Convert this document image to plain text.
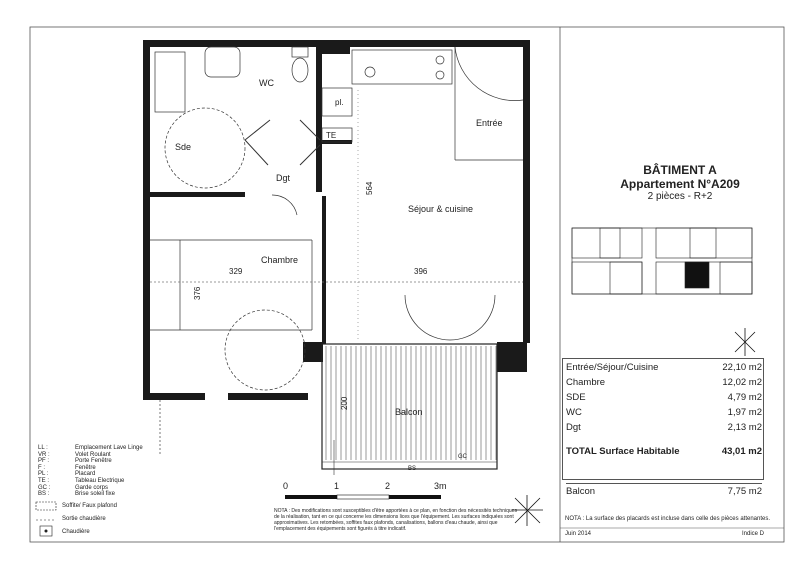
WC
pl.
TE
Sde
Dgt
Séjour & cuisine
Entrée
Chambre
Balcon
GC
BS
564
329	396
376
200
0	1	2	3m
BÂTIMENT A
Appartement N°A209
2 pièces - R+2
Entrée/Séjour/Cuisine	22,10 m2
Chambre	12,02 m2
SDE	4,79 m2
WC	1,97 m2
Dgt	2,13 m2
TOTAL Surface Habitable	43,01 m2
Balcon	7,75 m2
NOTA : La surface des placards est incluse dans celle des pièces attenantes.
Juin 2014	Indice D
NOTA : Des modifications sont susceptibles d'être apportées à ce plan, en fonction des nécessités techniques de la réalisation, tant en ce qui concerne les dimensions lices que l'équipement. Les surfaces indiquées sont approximatives. Les retombées, soffites faux plafonds, canalisations, ballons d'eau chaude, ainsi que l'emplacement des équipements sont figurés à titre indicatif.
LL :	Emplacement Lave Linge
VR :	Volet Roulant
PF :	Porte Fenêtre
F :	Fenêtre
PL :	Placard
TE :	Tableau Electrique
GC :	Garde corps
BS :	Brise soleil fixe
Soffite/ Faux plafond
Sortie chaudière
Chaudière
